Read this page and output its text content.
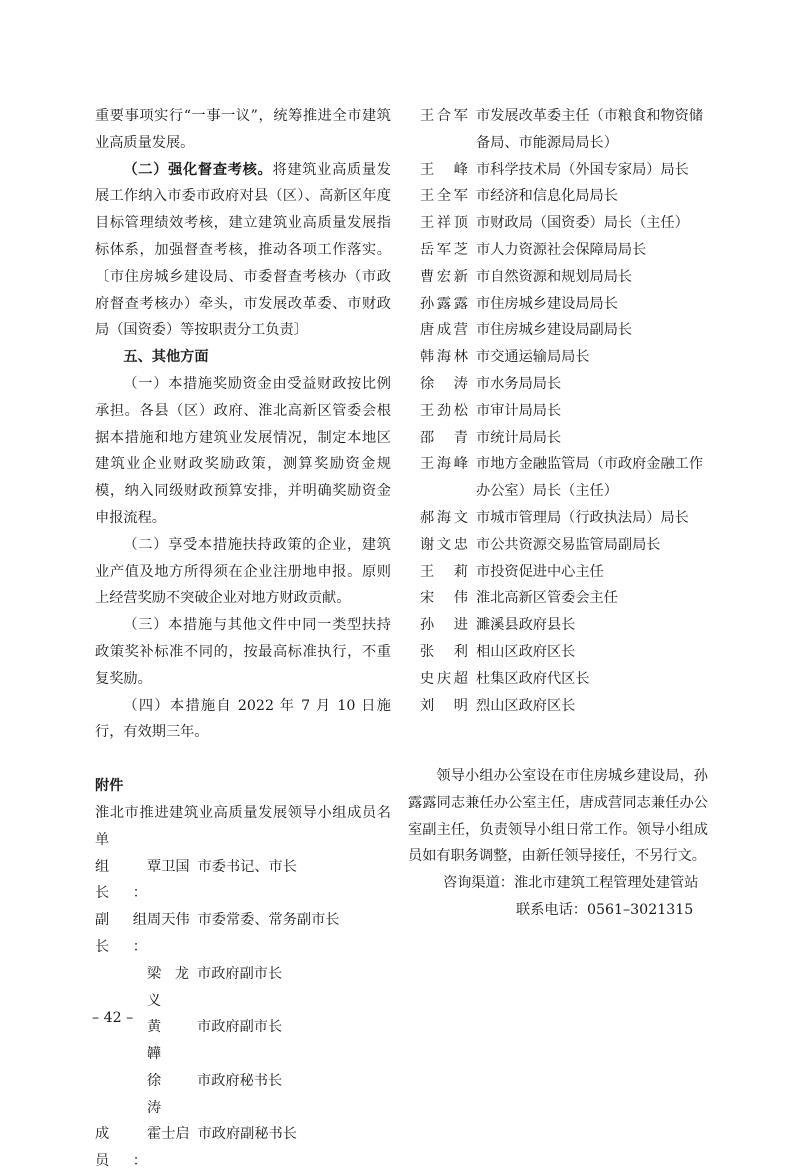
重要事项实行“一事一议”，统筹推进全市建筑业高质量发展。

（二）强化督查考核。将建筑业高质量发展工作纳入市委市政府对县（区）、高新区年度目标管理绩效考核，建立建筑业高质量发展指标体系，加强督查考核，推动各项工作落实。〔市住房城乡建设局、市委督查考核办（市政府督查考核办）牵头，市发展改革委、市财政局（国资委）等按职责分工负责〕

五、其他方面

（一）本措施奖励资金由受益财政按比例承担。各县（区）政府、淮北高新区管委会根据本措施和地方建筑业发展情况，制定本地区建筑业企业财政奖励政策，测算奖励资金规模，纳入同级财政预算安排，并明确奖励资金申报流程。

（二）享受本措施扶持政策的企业，建筑业产值及地方所得须在企业注册地申报。原则上经营奖励不突破企业对地方财政贡献。

（三）本措施与其他文件中同一类型扶持政策奖补标准不同的，按最高标准执行，不重复奖励。

（四）本措施自 2022 年 7 月 10 日施行，有效期三年。

附件

淮北市推进建筑业高质量发展领导小组成员名单

组　长：
覃卫国 市委书记、市长
副组长：
周天伟 市委常委、常务副市长
梁龙义
市政府副市长
黄　韡
市政府副市长
徐　涛
市政府秘书长
成　员：
霍士启 市政府副秘书长
王合军 市发展改革委主任（市粮食和物资储备局、市能源局局长）
王　峰 市科学技术局（外国专家局）局长
王全军 市经济和信息化局局长
王祥顶 市财政局（国资委）局长（主任）
岳军芝 市人力资源社会保障局局长
曹宏新 市自然资源和规划局局长
孙露露 市住房城乡建设局局长
唐成营 市住房城乡建设局副局长
韩海林 市交通运输局局长
徐　涛 市水务局局长
王劲松 市审计局局长
邵　青 市统计局局长
王海峰 市地方金融监管局（市政府金融工作办公室）局长（主任）
郝海文 市城市管理局（行政执法局）局长
谢文忠 市公共资源交易监管局副局长
王　莉 市投资促进中心主任
宋　伟 淮北高新区管委会主任
孙　进 濉溪县政府县长
张　利 相山区政府区长
史庆超 杜集区政府代区长
刘　明 烈山区政府区长

领导小组办公室设在市住房城乡建设局，孙露露同志兼任办公室主任，唐成营同志兼任办公室副主任，负责领导小组日常工作。领导小组成员如有职务调整，由新任领导接任，不另行文。

咨询渠道：淮北市建筑工程管理处建管站

联系电话：0561–3021315

– 42 –
